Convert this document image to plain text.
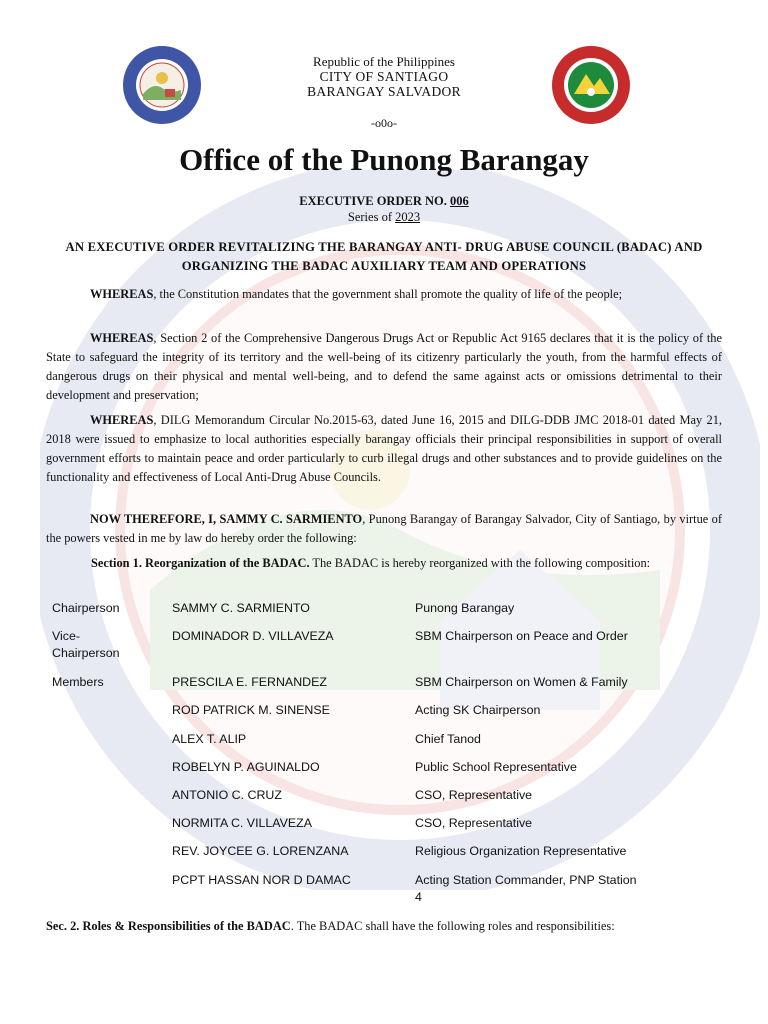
Republic of the Philippines
CITY OF SANTIAGO
BARANGAY SALVADOR
-o0o-
Office of the Punong Barangay
EXECUTIVE ORDER NO. 006
Series of 2023
AN EXECUTIVE ORDER REVITALIZING THE BARANGAY ANTI- DRUG ABUSE COUNCIL (BADAC) AND ORGANIZING THE BADAC AUXILIARY TEAM AND OPERATIONS
WHEREAS, the Constitution mandates that the government shall promote the quality of life of the people;
WHEREAS, Section 2 of the Comprehensive Dangerous Drugs Act or Republic Act 9165 declares that it is the policy of the State to safeguard the integrity of its territory and the well-being of its citizenry particularly the youth, from the harmful effects of dangerous drugs on their physical and mental well-being, and to defend the same against acts or omissions detrimental to their development and preservation;
WHEREAS, DILG Memorandum Circular No.2015-63, dated June 16, 2015 and DILG-DDB JMC 2018-01 dated May 21, 2018 were issued to emphasize to local authorities especially barangay officials their principal responsibilities in support of overall government efforts to maintain peace and order particularly to curb illegal drugs and other substances and to provide guidelines on the functionality and effectiveness of Local Anti-Drug Abuse Councils.
NOW THEREFORE, I, SAMMY C. SARMIENTO, Punong Barangay of Barangay Salvador, City of Santiago, by virtue of the powers vested in me by law do hereby order the following:
Section 1. Reorganization of the BADAC. The BADAC is hereby reorganized with the following composition:
Chairperson	SAMMY C. SARMIENTO	Punong Barangay
Vice-
Chairperson
DOMINADOR D. VILLAVEZA	SBM Chairperson on Peace and Order
Members	PRESCILA E. FERNANDEZ	SBM Chairperson on Women & Family
ROD PATRICK M. SINENSE	Acting SK Chairperson
ALEX T. ALIP	Chief Tanod
ROBELYN P. AGUINALDO	Public School Representative
ANTONIO C. CRUZ	CSO, Representative
NORMITA C. VILLAVEZA	CSO, Representative
REV. JOYCEE G. LORENZANA	Religious Organization Representative
PCPT HASSAN NOR D DAMAC	Acting Station Commander, PNP Station
4
Sec. 2. Roles & Responsibilities of the BADAC. The BADAC shall have the following roles and responsibilities:
